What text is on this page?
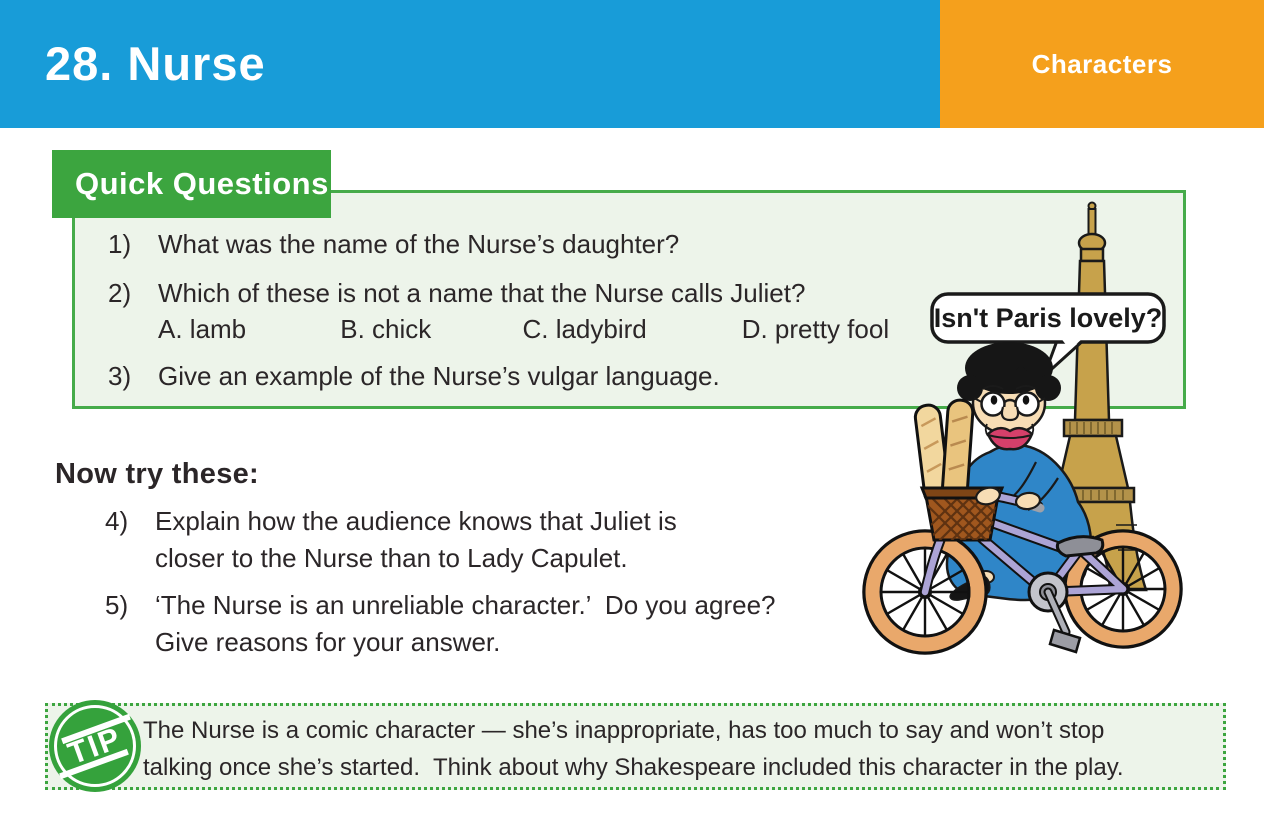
28. Nurse	Characters
1)	What was the name of the Nurse’s daughter?
2)	Which of these is not a name that the Nurse calls Juliet?
A. lamb	B. chick	C. ladybird	D. pretty fool
3)	Give an example of the Nurse’s vulgar language.
Quick Questions
Now try these:
4)	Explain how the audience knows that Juliet is
closer to the Nurse than to Lady Capulet.
5)	‘The Nurse is an unreliable character.’  Do you agree?
Give reasons for your answer.
The Nurse is a comic character — she’s inappropriate, has too much to say and won’t stop
talking once she’s started.  Think about why Shakespeare included this character in the play.
TIP
Isn't Paris lovely?
